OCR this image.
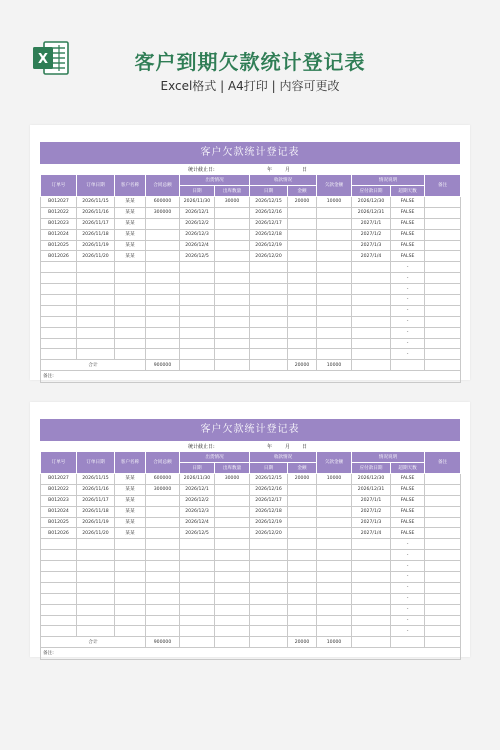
X	客户到期欠款统计登记表
Excel格式 | A4打印 | 内容可更改
客户欠款统计登记表
统计截止日:	年	月 日
订单号	订单日期	客户名称	合同总额	出货情况		收款情况		欠款金额	情况说明		备注
				日期	出库数量	日期	金额		应付款日期	超期天数	
B012027	2026/11/15	某某	600000	2026/11/30	30000	2026/12/15	20000	10000	2026/12/30	FALSE	
B012022	2026/11/16	某某	300000	2026/12/1		2026/12/16			2026/12/31	FALSE	
B012023	2026/11/17	某某		2026/12/2		2026/12/17			2027/1/1	FALSE	
B012024	2026/11/18	某某		2026/12/3		2026/12/18			2027/1/2	FALSE	
B012025	2026/11/19	某某		2026/12/4		2026/12/19			2027/1/3	FALSE	
B012026	2026/11/20	某某		2026/12/5		2026/12/20			2027/1/4	FALSE	
										-	
										-	
										-	
										-	
										-	
										-	
										-	
										-	
										-	
合计			900000				20000	10000			
备注:											
客户欠款统计登记表
统计截止日:	年	月 日
订单号	订单日期	客户名称	合同总额	出货情况		收款情况		欠款金额	情况说明		备注
				日期	出库数量	日期	金额		应付款日期	超期天数	
B012027	2026/11/15	某某	600000	2026/11/30	30000	2026/12/15	20000	10000	2026/12/30	FALSE	
B012022	2026/11/16	某某	300000	2026/12/1		2026/12/16			2026/12/31	FALSE	
B012023	2026/11/17	某某		2026/12/2		2026/12/17			2027/1/1	FALSE	
B012024	2026/11/18	某某		2026/12/3		2026/12/18			2027/1/2	FALSE	
B012025	2026/11/19	某某		2026/12/4		2026/12/19			2027/1/3	FALSE	
B012026	2026/11/20	某某		2026/12/5		2026/12/20			2027/1/4	FALSE	
										-	
										-	
										-	
										-	
										-	
										-	
										-	
										-	
										-	
合计			900000				20000	10000			
备注:											
